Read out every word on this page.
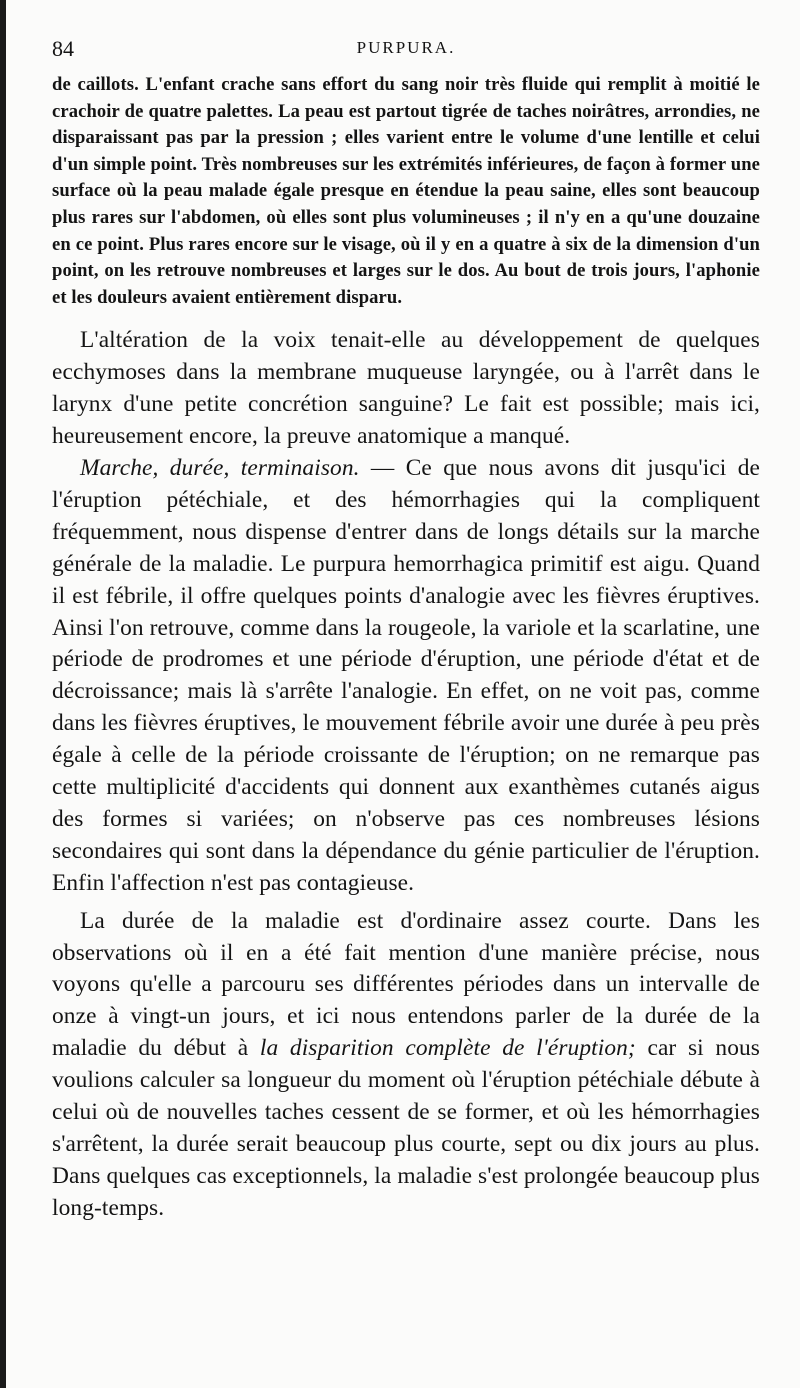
84	PURPURA.

de caillots. L'enfant crache sans effort du sang noir très fluide qui remplit à moitié le crachoir de quatre palettes. La peau est partout tigrée de taches noirâtres, arrondies, ne disparaissant pas par la pression ; elles varient entre le volume d'une lentille et celui d'un simple point. Très nombreuses sur les extrémités inférieures, de façon à former une surface où la peau malade égale presque en étendue la peau saine, elles sont beaucoup plus rares sur l'abdomen, où elles sont plus volumineuses ; il n'y en a qu'une douzaine en ce point. Plus rares encore sur le visage, où il y en a quatre à six de la dimension d'un point, on les retrouve nombreuses et larges sur le dos. Au bout de trois jours, l'aphonie et les douleurs avaient entièrement disparu.

L'altération de la voix tenait-elle au développement de quelques ecchymoses dans la membrane muqueuse laryngée, ou à l'arrêt dans le larynx d'une petite concrétion sanguine? Le fait est possible; mais ici, heureusement encore, la preuve anatomique a manqué.

Marche, durée, terminaison. — Ce que nous avons dit jusqu'ici de l'éruption pétéchiale, et des hémorrhagies qui la compliquent fréquemment, nous dispense d'entrer dans de longs détails sur la marche générale de la maladie. Le purpura hemorrhagica primitif est aigu. Quand il est fébrile, il offre quelques points d'analogie avec les fièvres éruptives. Ainsi l'on retrouve, comme dans la rougeole, la variole et la scarlatine, une période de prodromes et une période d'éruption, une période d'état et de décroissance; mais là s'arrête l'analogie. En effet, on ne voit pas, comme dans les fièvres éruptives, le mouvement fébrile avoir une durée à peu près égale à celle de la période croissante de l'éruption; on ne remarque pas cette multiplicité d'accidents qui donnent aux exanthèmes cutanés aigus des formes si variées; on n'observe pas ces nombreuses lésions secondaires qui sont dans la dépendance du génie particulier de l'éruption. Enfin l'affection n'est pas contagieuse.

La durée de la maladie est d'ordinaire assez courte. Dans les observations où il en a été fait mention d'une manière précise, nous voyons qu'elle a parcouru ses différentes périodes dans un intervalle de onze à vingt-un jours, et ici nous entendons parler de la durée de la maladie du début à la disparition complète de l'éruption; car si nous voulions calculer sa longueur du moment où l'éruption pétéchiale débute à celui où de nouvelles taches cessent de se former, et où les hémorrhagies s'arrêtent, la durée serait beaucoup plus courte, sept ou dix jours au plus. Dans quelques cas exceptionnels, la maladie s'est prolongée beaucoup plus long-temps.
